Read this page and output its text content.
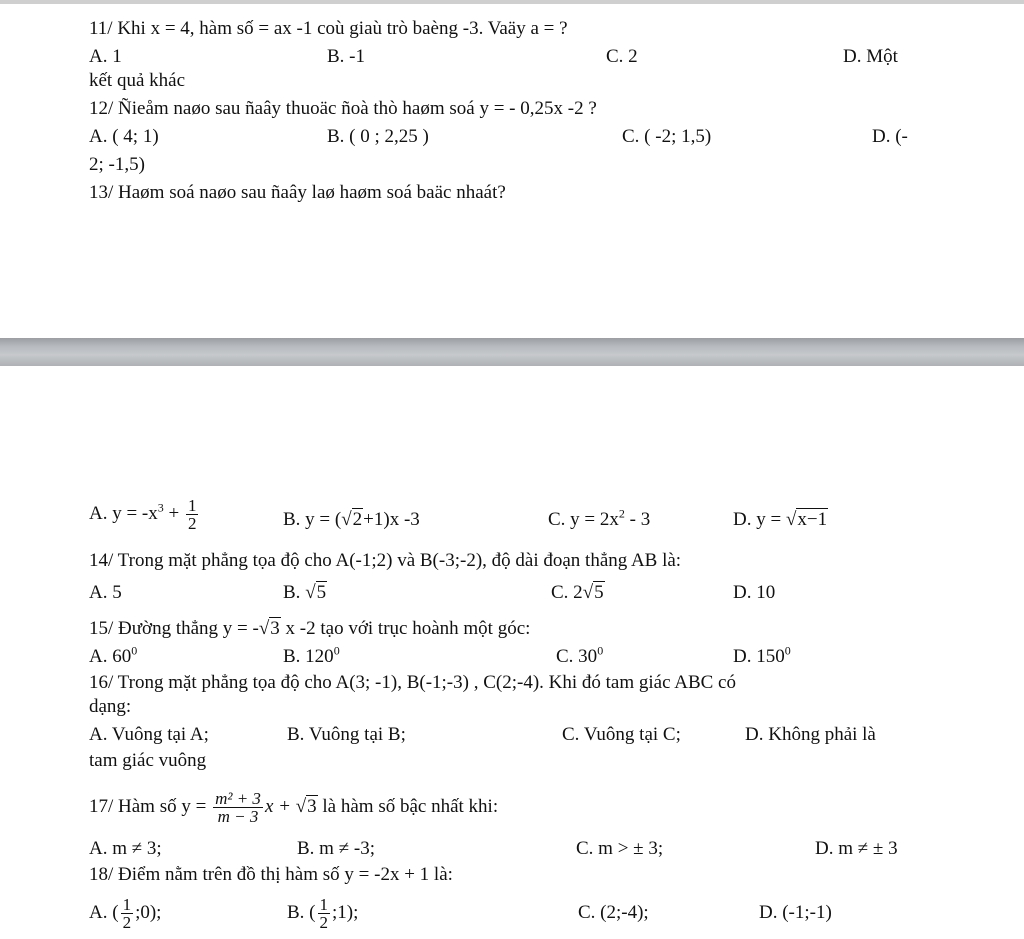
11/ Khi x = 4, hàm số = ax -1 coù giaù trò baèng -3. Vaäy a = ?
A. 1	B. -1	C. 2	D. Một
kết quả khác
12/ Ñieåm naøo sau ñaây thuoäc ñoà thò haøm soá y = - 0,25x -2 ?
A. ( 4; 1)	B. ( 0 ; 2,25 )	C. ( -2; 1,5)	D. (-
2; -1,5)
13/ Haøm soá naøo sau ñaây laø haøm soá baäc nhaát?
A. $y = -x^3 + \frac{1}{2}$	B. y = (√2+1)x -3	C. $y = 2x^2 - 3$	D. y = √x−1
14/ Trong mặt phẳng tọa độ cho A(-1;2) và B(-3;-2), độ dài đoạn thẳng AB là:
A. 5	B. √5	C. 2√5	D. 10
15/ Đường thẳng y = -√3 x -2 tạo với trục hoành một góc:
A. $60^0$	B. $120^0$	C. $30^0$	D. $150^0$
16/ Trong mặt phẳng tọa độ cho A(3; -1), B(-1;-3) , C(2;-4). Khi đó tam giác ABC có
dạng:
A. Vuông tại A;	B. Vuông tại B;	C. Vuông tại C;	D. Không phải là
tam giác vuông
17/ Hàm số $y = \frac{\text{m² + 3}}{m - 3}$ x + √3 là hàm số bậc nhất khi:
A. m ≠ 3;	B. m ≠ -3;	C. m > ± 3;	D. m ≠ ± 3
18/ Điểm nằm trên đồ thị hàm số y = -2x + 1 là:
A. ( $\frac{1}{2}$ ;0);	B. ( $\frac{1}{2}$ ;1);	C. (2;-4);	D. (-1;-1)
